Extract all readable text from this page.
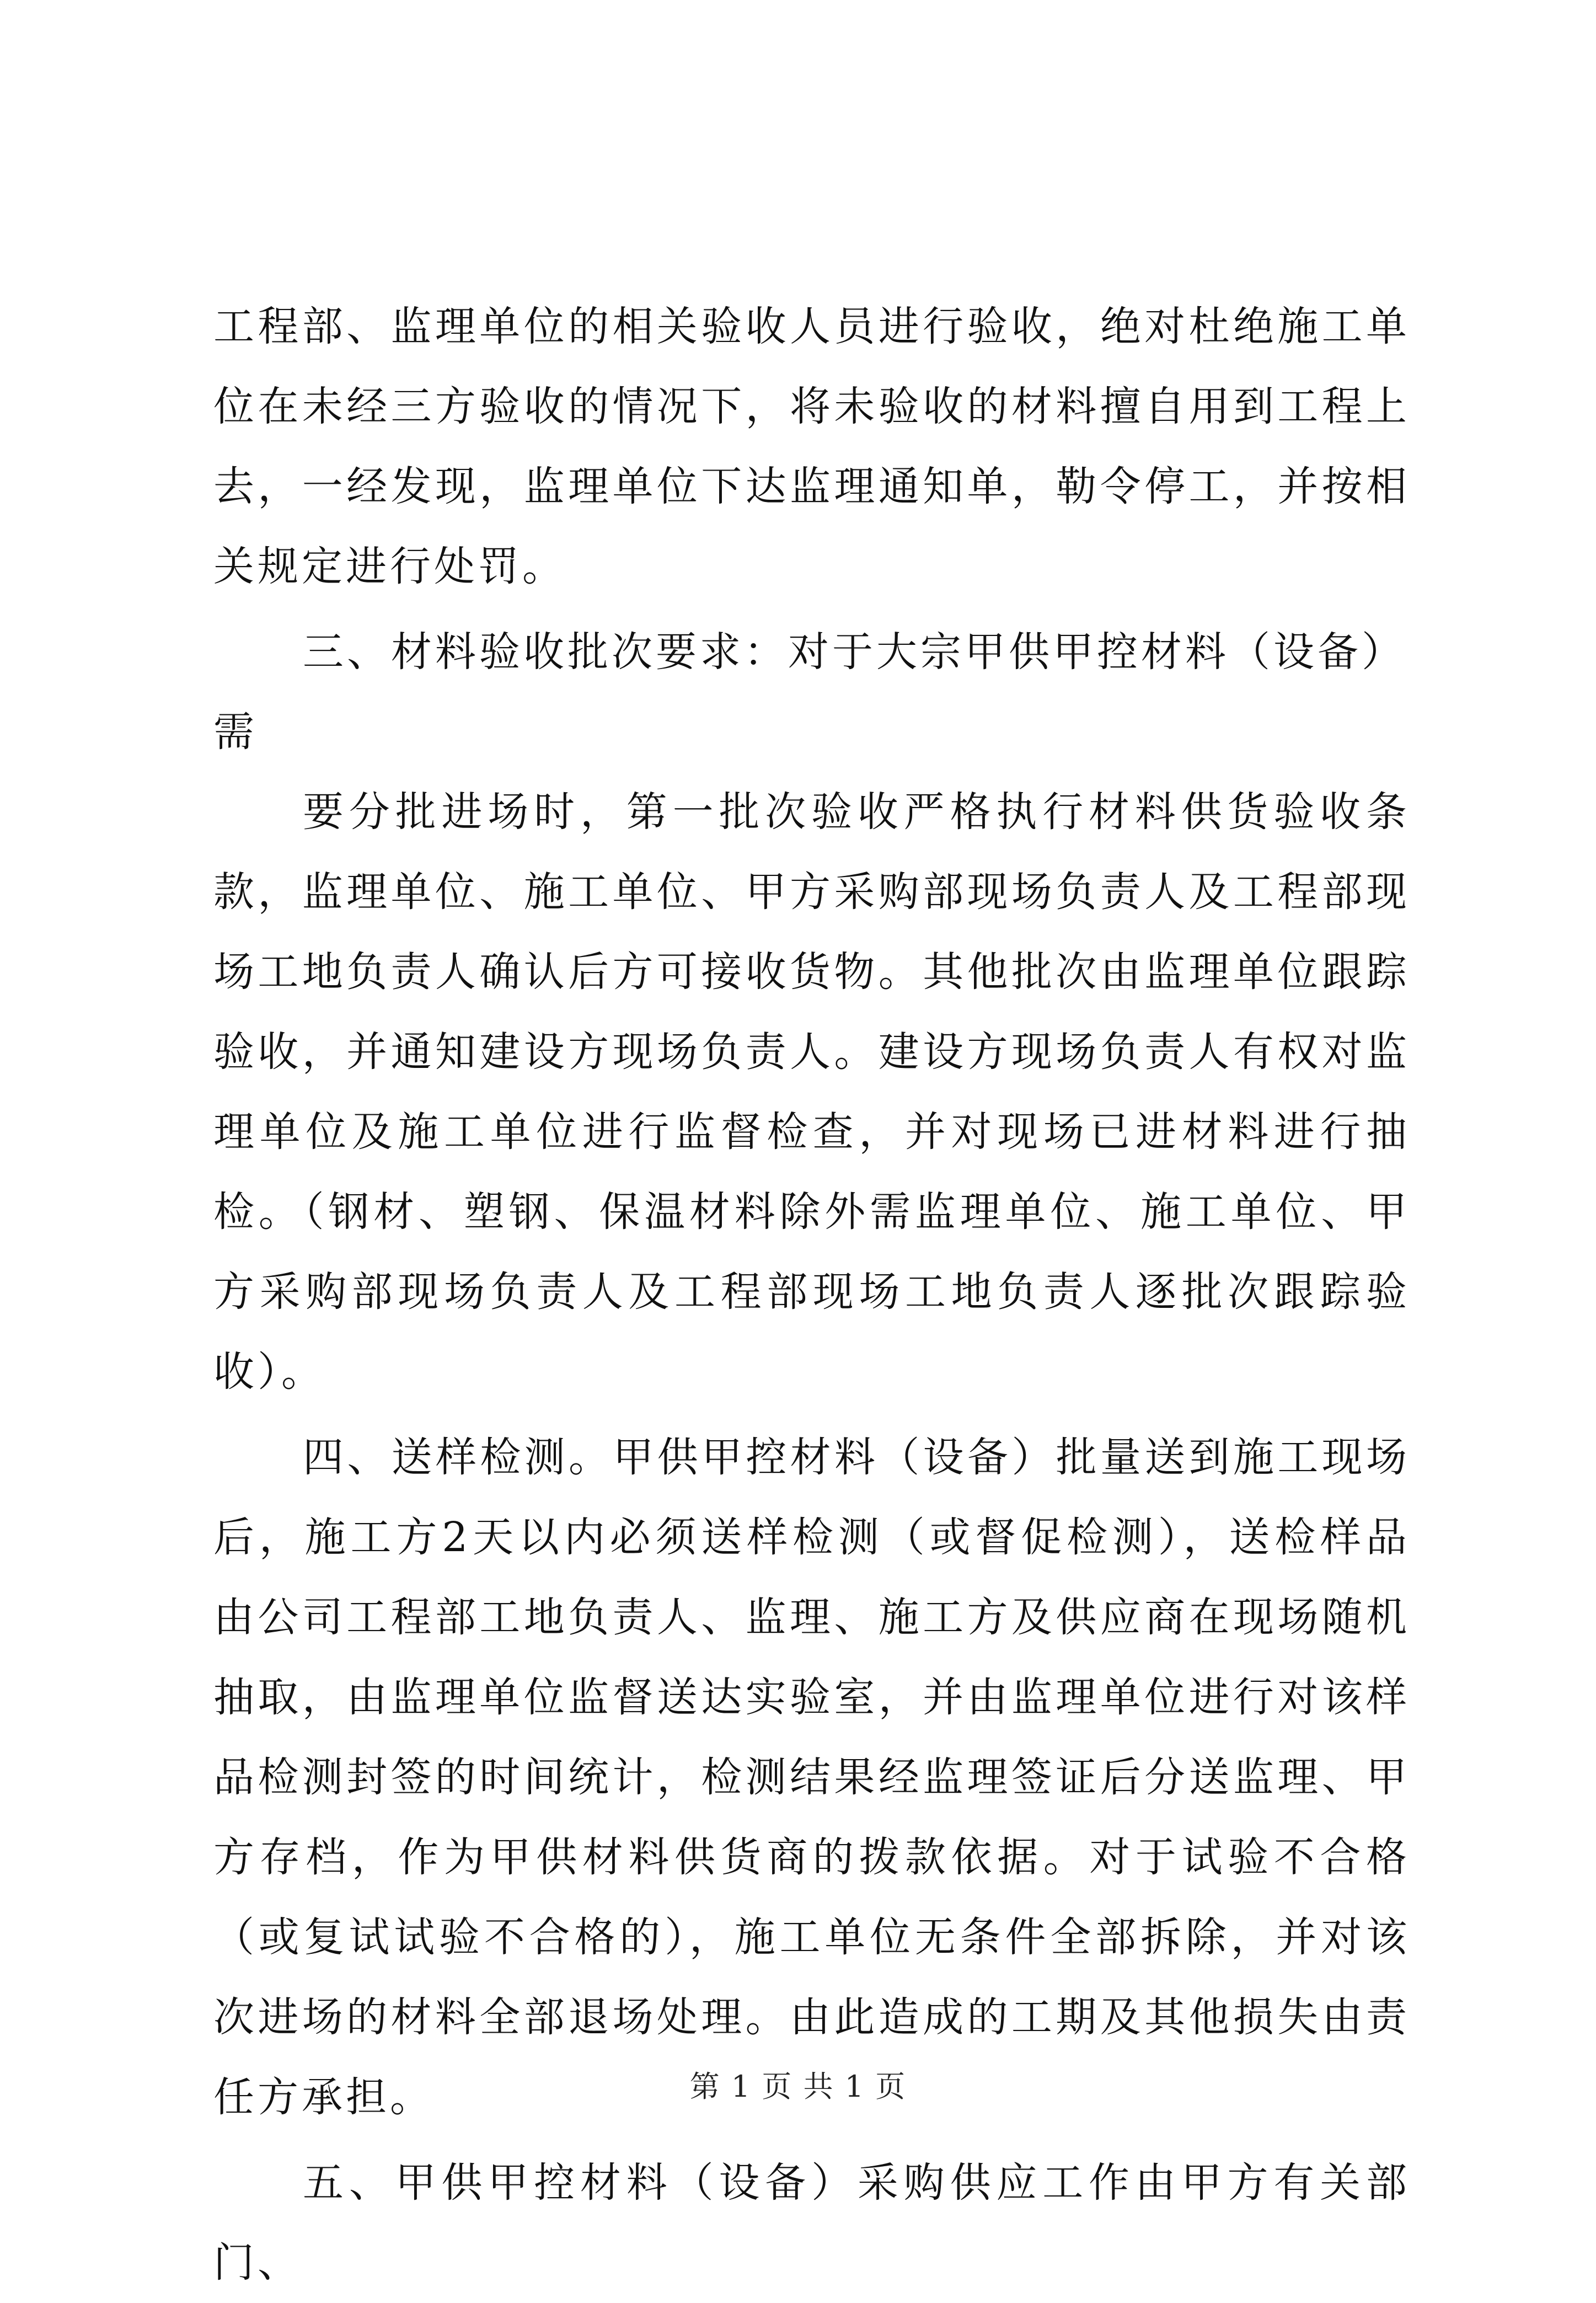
工程部、监理单位的相关验收人员进行验收，绝对杜绝施工单位在未经三方验收的情况下，将未验收的材料擅自用到工程上去，一经发现，监理单位下达监理通知单，勒令停工，并按相关规定进行处罚。

三、材料验收批次要求：对于大宗甲供甲控材料（设备）需

要分批进场时，第一批次验收严格执行材料供货验收条款，监理单位、施工单位、甲方采购部现场负责人及工程部现场工地负责人确认后方可接收货物。其他批次由监理单位跟踪验收，并通知建设方现场负责人。建设方现场负责人有权对监理单位及施工单位进行监督检查，并对现场已进材料进行抽检。（钢材、塑钢、保温材料除外需监理单位、施工单位、甲方采购部现场负责人及工程部现场工地负责人逐批次跟踪验收）。

四、送样检测。甲供甲控材料（设备）批量送到施工现场后，施工方2天以内必须送样检测（或督促检测），送检样品由公司工程部工地负责人、监理、施工方及供应商在现场随机抽取，由监理单位监督送达实验室，并由监理单位进行对该样品检测封签的时间统计，检测结果经监理签证后分送监理、甲方存档，作为甲供材料供货商的拨款依据。对于试验不合格（或复试试验不合格的），施工单位无条件全部拆除，并对该次进场的材料全部退场处理。由此造成的工期及其他损失由责任方承担。

五、甲供甲控材料（设备）采购供应工作由甲方有关部门、

第 1 页 共 1 页
